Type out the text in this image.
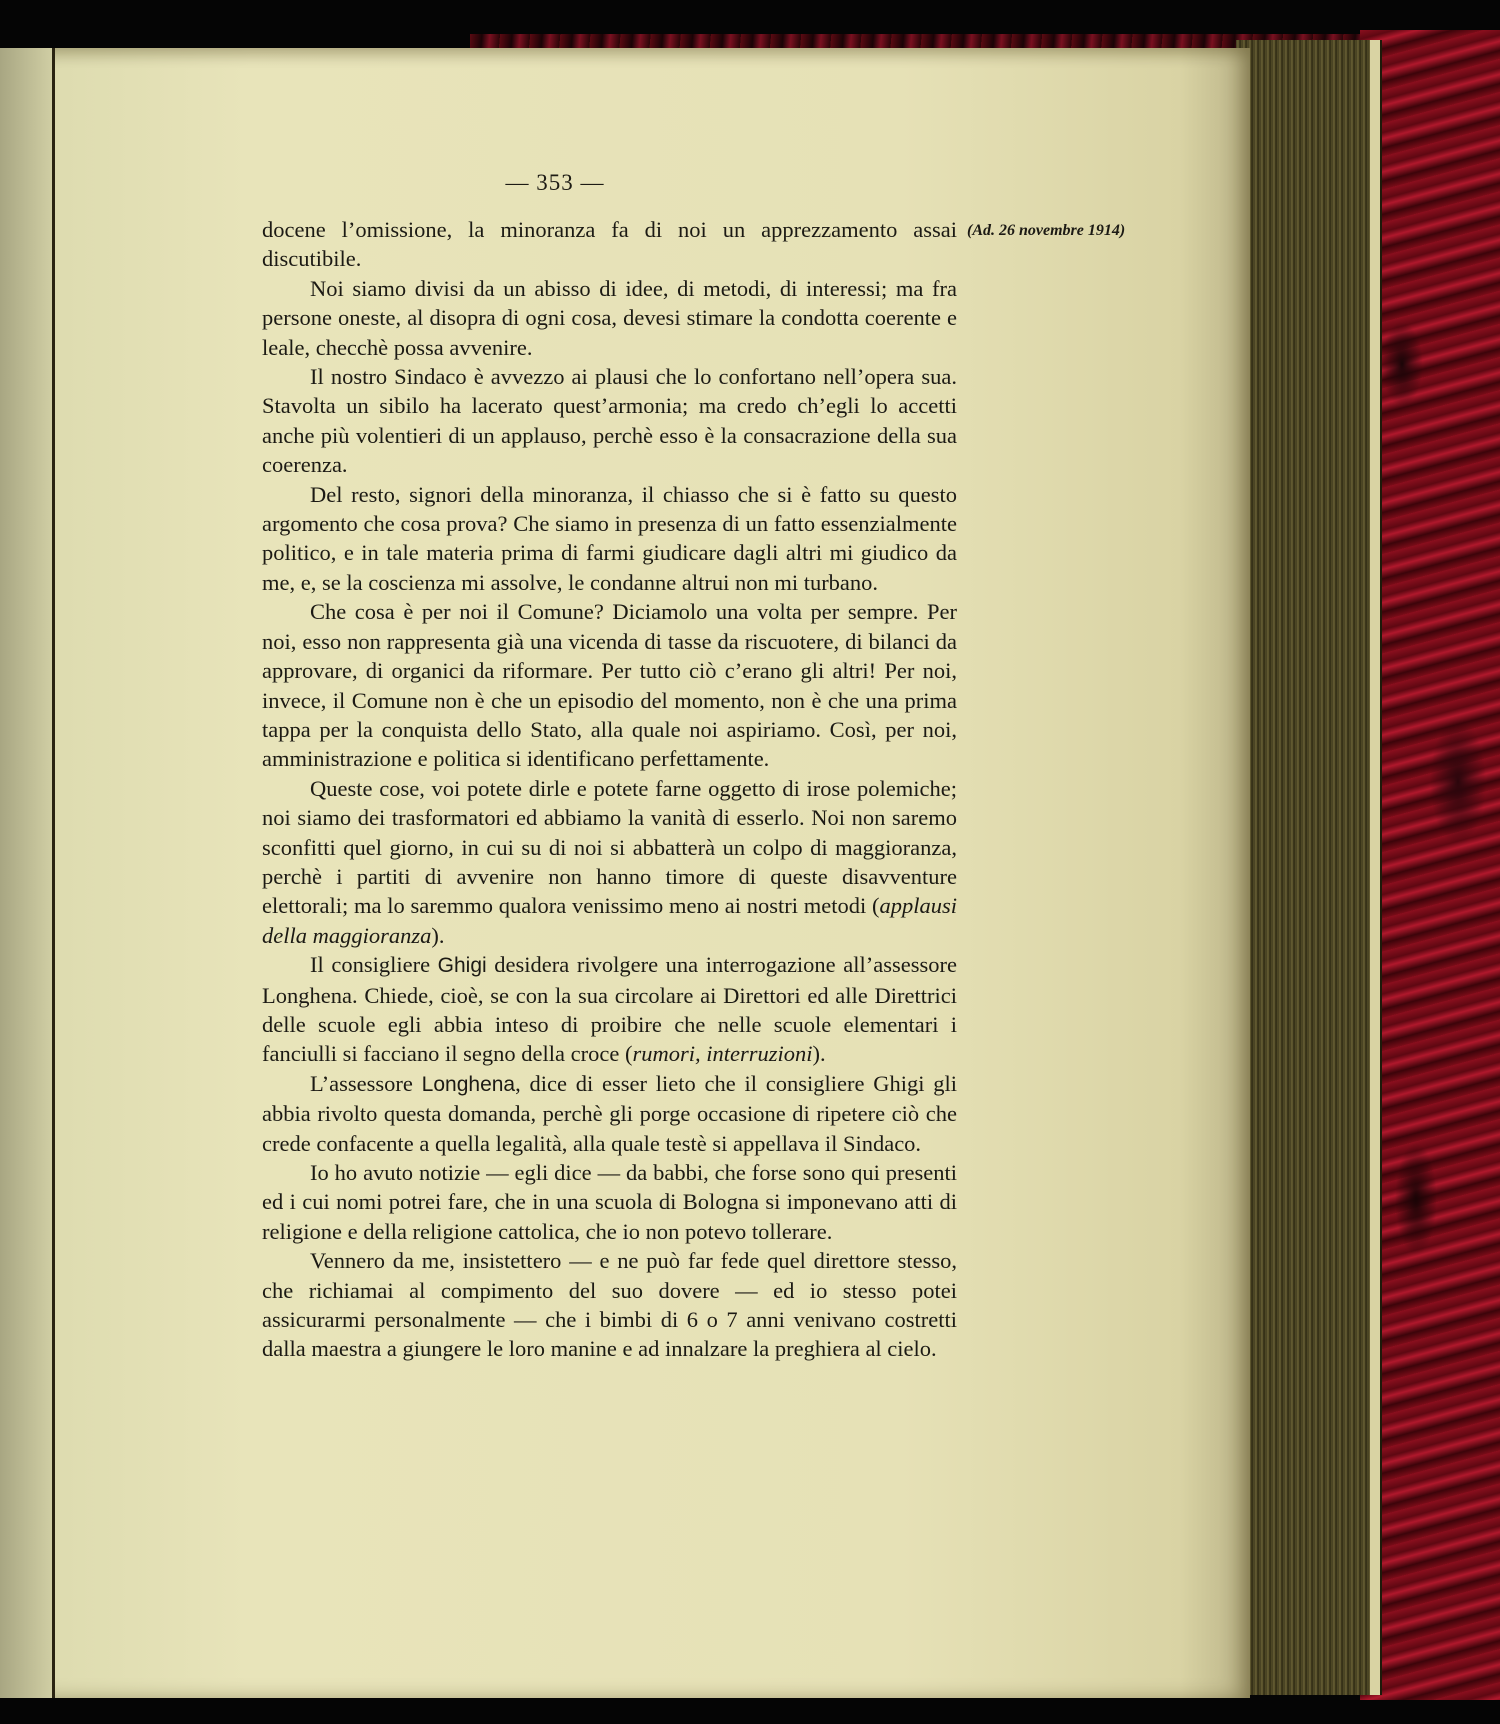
— 353 —
(Ad. 26 novembre 1914)

docene l’omissione, la minoranza fa di noi un apprezzamento assai discutibile.

Noi siamo divisi da un abisso di idee, di metodi, di interessi; ma fra persone oneste, al disopra di ogni cosa, devesi stimare la condotta coerente e leale, checchè possa avvenire.

Il nostro Sindaco è avvezzo ai plausi che lo confortano nell’opera sua. Stavolta un sibilo ha lacerato quest’armonia; ma credo ch’egli lo accetti anche più volentieri di un applauso, perchè esso è la consacrazione della sua coerenza.

Del resto, signori della minoranza, il chiasso che si è fatto su questo argomento che cosa prova? Che siamo in presenza di un fatto essenzialmente politico, e in tale materia prima di farmi giudicare dagli altri mi giudico da me, e, se la coscienza mi assolve, le condanne altrui non mi turbano.

Che cosa è per noi il Comune? Diciamolo una volta per sempre. Per noi, esso non rappresenta già una vicenda di tasse da riscuotere, di bilanci da approvare, di organici da riformare. Per tutto ciò c’erano gli altri! Per noi, invece, il Comune non è che un episodio del momento, non è che una prima tappa per la conquista dello Stato, alla quale noi aspiriamo. Così, per noi, amministrazione e politica si identificano perfettamente.

Queste cose, voi potete dirle e potete farne oggetto di irose polemiche; noi siamo dei trasformatori ed abbiamo la vanità di esserlo. Noi non saremo sconfitti quel giorno, in cui su di noi si abbatterà un colpo di maggioranza, perchè i partiti di avvenire non hanno timore di queste disavventure elettorali; ma lo saremmo qualora venissimo meno ai nostri metodi (applausi della maggioranza).

Il consigliere Ghigi desidera rivolgere una interrogazione all’assessore Longhena. Chiede, cioè, se con la sua circolare ai Direttori ed alle Direttrici delle scuole egli abbia inteso di proibire che nelle scuole elementari i fanciulli si facciano il segno della croce (rumori, interruzioni).

L’assessore Longhena, dice di esser lieto che il consigliere Ghigi gli abbia rivolto questa domanda, perchè gli porge occasione di ripetere ciò che crede confacente a quella legalità, alla quale testè si appellava il Sindaco.

Io ho avuto notizie — egli dice — da babbi, che forse sono qui presenti ed i cui nomi potrei fare, che in una scuola di Bologna si imponevano atti di religione e della religione cattolica, che io non potevo tollerare.

Vennero da me, insistettero — e ne può far fede quel direttore stesso, che richiamai al compimento del suo dovere — ed io stesso potei assicurarmi personalmente — che i bimbi di 6 o 7 anni venivano costretti dalla maestra a giungere le loro manine e ad innalzare la preghiera al cielo.
